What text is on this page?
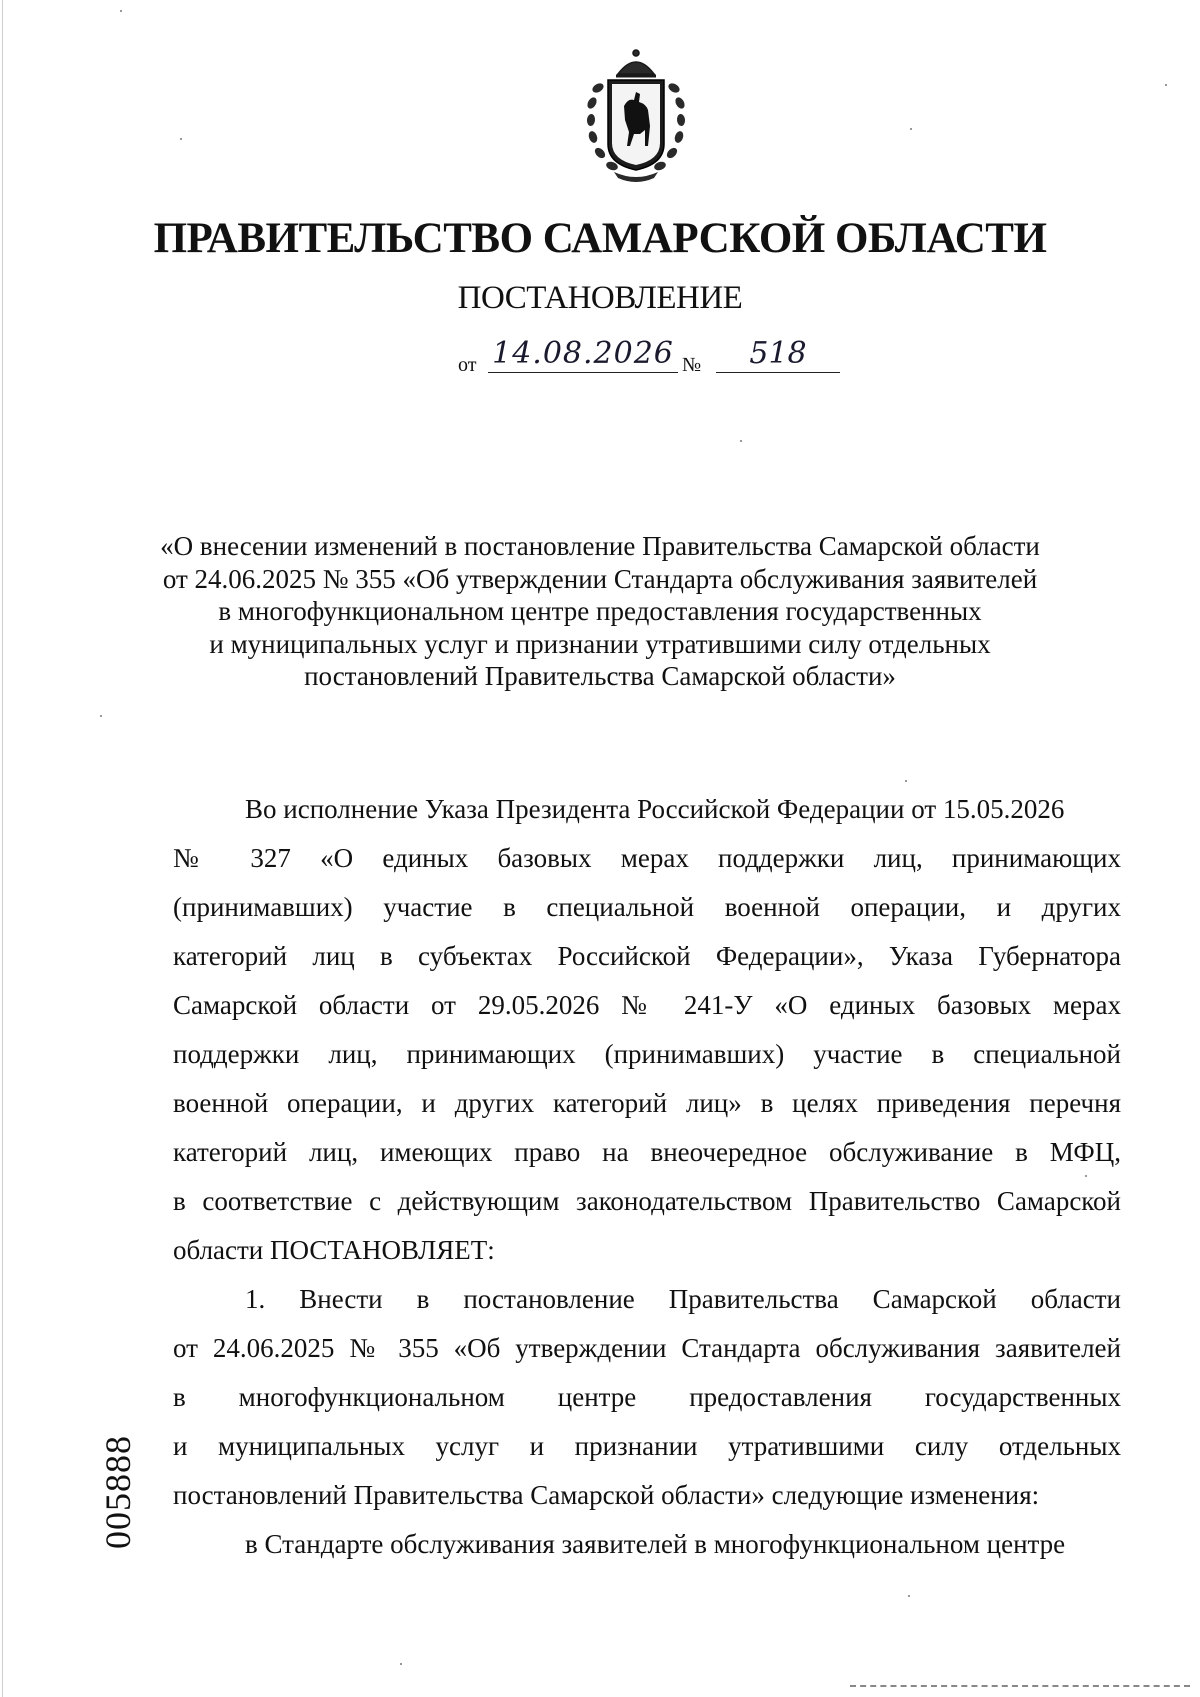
ПРАВИТЕЛЬСТВО САМАРСКОЙ ОБЛАСТИ
ПОСТАНОВЛЕНИЕ
от 14.08.2026 №	518
«О внесении изменений в постановление Правительства Самарской области
от 24.06.2025 № 355 «Об утверждении Стандарта обслуживания заявителей
в многофункциональном центре предоставления государственных
и муниципальных услуг и признании утратившими силу отдельных
постановлений Правительства Самарской области»
Во исполнение Указа Президента Российской Федерации от 15.05.2026
№ 327 «О единых базовых мерах поддержки лиц, принимающих
(принимавших) участие в специальной военной операции, и других
категорий лиц в субъектах Российской Федерации», Указа Губернатора
Самарской области от 29.05.2026 № 241-У «О единых базовых мерах
поддержки лиц, принимающих (принимавших) участие в специальной
военной операции, и других категорий лиц» в целях приведения перечня
категорий лиц, имеющих право на внеочередное обслуживание в МФЦ,
в соответствие с действующим законодательством Правительство Самарской
области ПОСТАНОВЛЯЕТ:
1. Внести в постановление Правительства Самарской области
от 24.06.2025 № 355 «Об утверждении Стандарта обслуживания заявителей
в многофункциональном центре предоставления государственных
и муниципальных услуг и признании утратившими силу отдельных
постановлений Правительства Самарской области» следующие изменения:
в Стандарте обслуживания заявителей в многофункциональном центре
005888
